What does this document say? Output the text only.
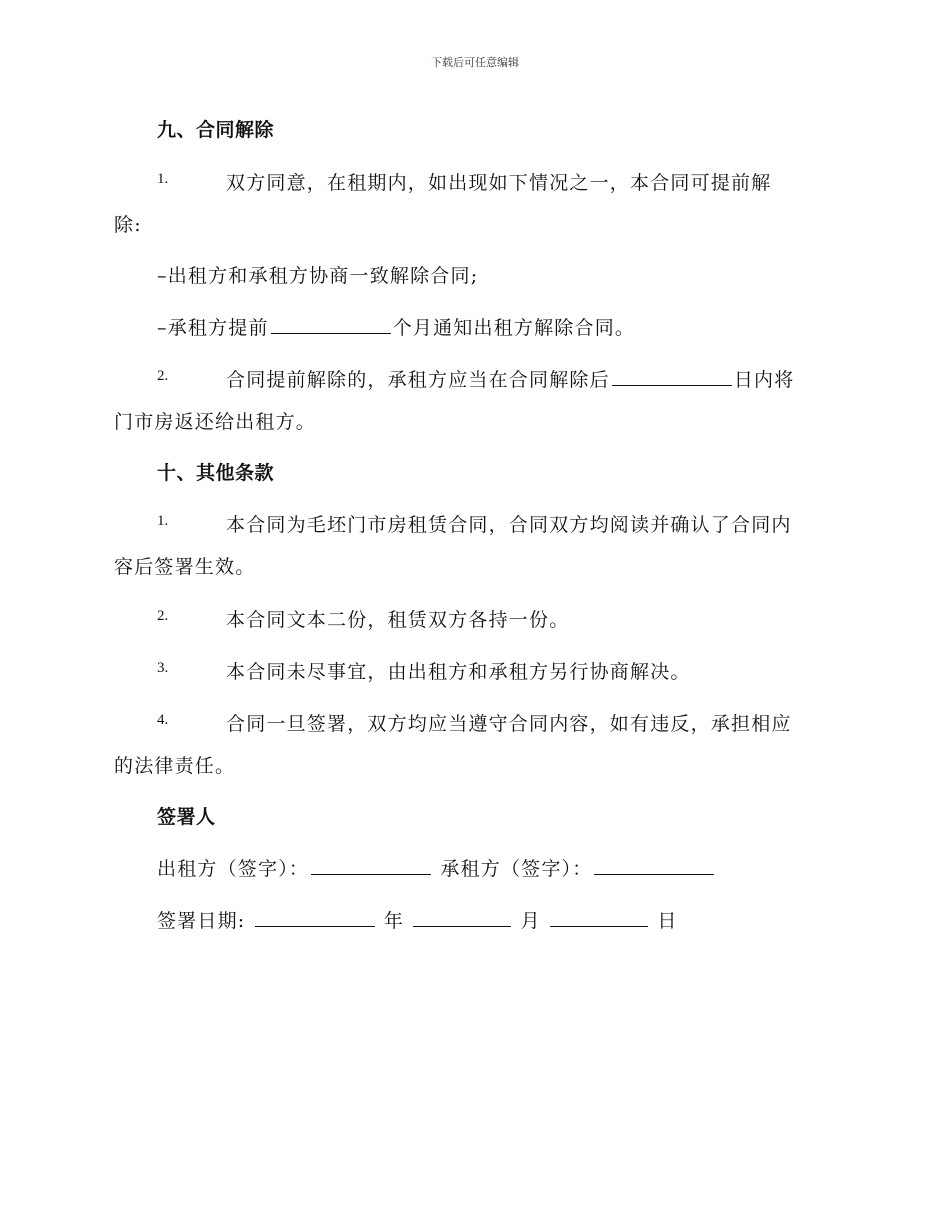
下载后可任意编辑
九、合同解除
1.	双方同意，在租期内，如出现如下情况之一，本合同可提前解
除:
–出租方和承租方协商一致解除合同;
–承租方提前	个月通知出租方解除合同。
2.	合同提前解除的，承租方应当在合同解除后	日内将
门市房返还给出租方。
十、其他条款
1.	本合同为毛坯门市房租赁合同，合同双方均阅读并确认了合同内
容后签署生效。
2.	本合同文本二份，租赁双方各持一份。
3.	本合同未尽事宜，由出租方和承租方另行协商解决。
4.	合同一旦签署，双方均应当遵守合同内容，如有违反，承担相应
的法律责任。
签署人
出租方（签字）：	承租方（签字）：
签署日期:	年	月	日
